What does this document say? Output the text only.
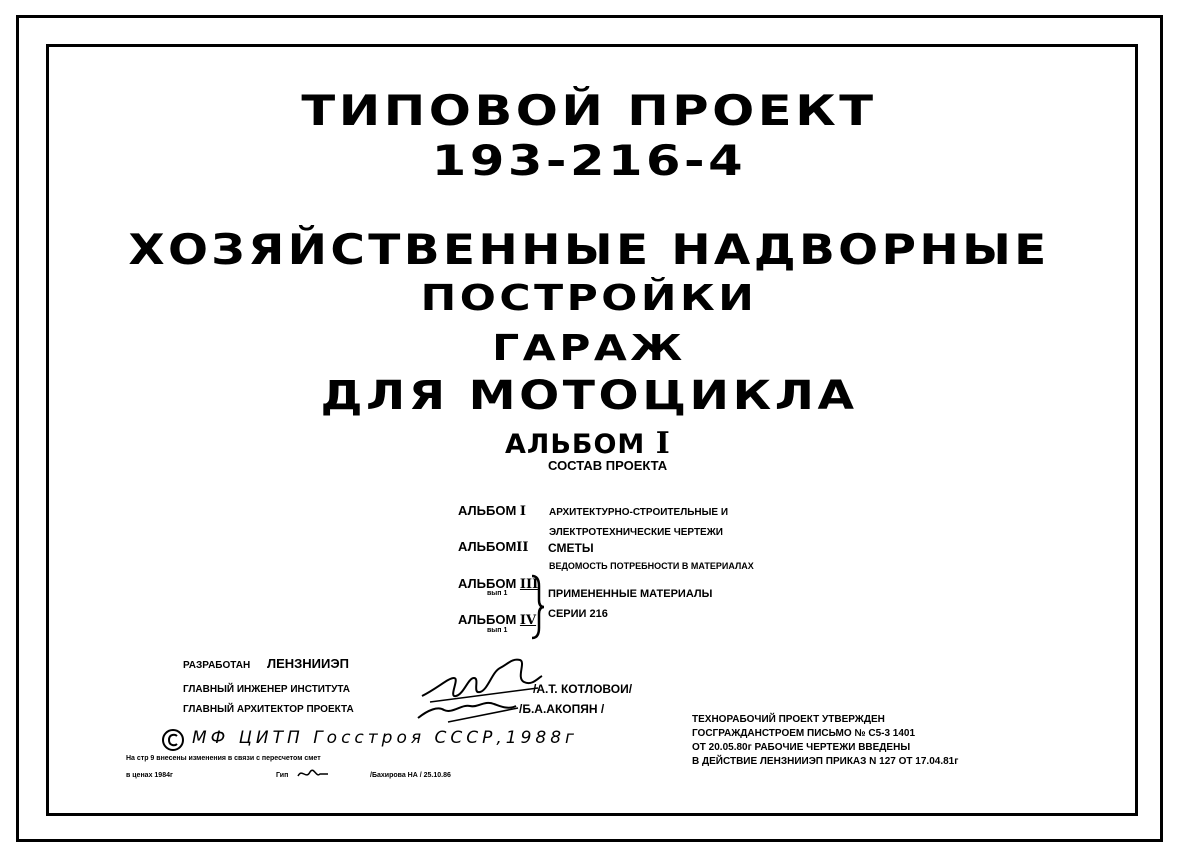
ТИПОВОЙ ПРОЕКТ
193-216-4
ХОЗЯЙСТВЕННЫЕ НАДВОРНЫЕ
ПОСТРОЙКИ
ГАРАЖ
ДЛЯ МОТОЦИКЛА
АЛЬБОМ I
СОСТАВ ПРОЕКТА
АЛЬБОМ I АРХИТЕКТУРНО-СТРОИТЕЛЬНЫЕ И
ЭЛЕКТРОТЕХНИЧЕСКИЕ ЧЕРТЕЖИ
АЛЬБОМII СМЕТЫ
ВЕДОМОСТЬ ПОТРЕБНОСТИ В МАТЕРИАЛАХ
АЛЬБОМ III
вып 1
АЛЬБОМ IV
вып 1
ПРИМЕНЕННЫЕ МАТЕРИАЛЫ
СЕРИИ 216
РАЗРАБОТАН ЛЕНЗНИИЭП
ГЛАВНЫЙ ИНЖЕНЕР ИНСТИТУТА
ГЛАВНЫЙ АРХИТЕКТОР ПРОЕКТА
/А.Т. КОТЛОВОИ/
/Б.А.АКОПЯН /
МФ ЦИТП Госстроя СССР,1988г
На стр 9 внесены изменения в связи с пересчетом смет
в ценах 1984г	Гип	/Бахирова НА / 25.10.86
ТЕХНОРАБОЧИЙ ПРОЕКТ УТВЕРЖДЕН
ГОСГРАЖДАНСТРОЕМ ПИСЬМО № С5-3 1401
ОТ 20.05.80г РАБОЧИЕ ЧЕРТЕЖИ ВВЕДЕНЫ
В ДЕЙСТВИЕ ЛЕНЗНИИЭП ПРИКАЗ N 127 ОТ 17.04.81г
